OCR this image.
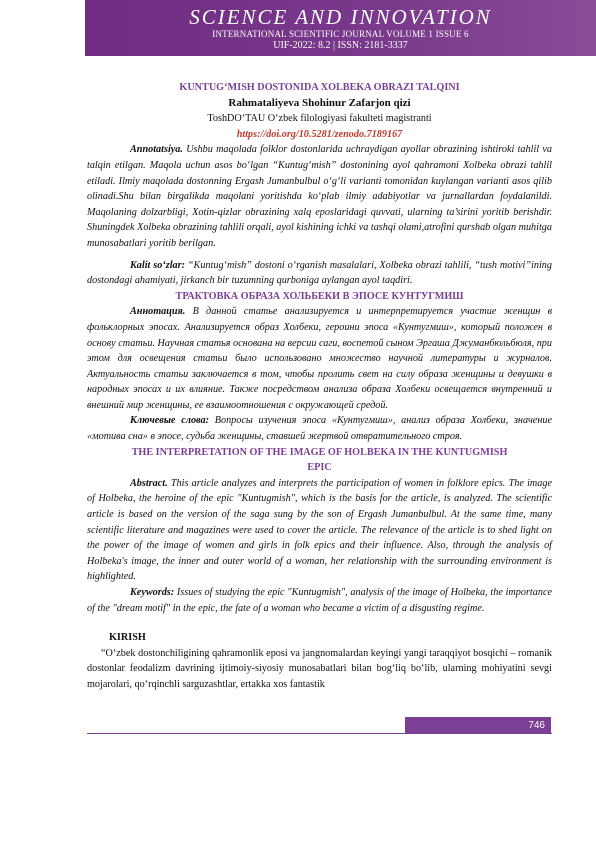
SCIENCE AND INNOVATION
INTERNATIONAL SCIENTIFIC JOURNAL VOLUME 1 ISSUE 6
UIF-2022: 8.2 | ISSN: 2181-3337
KUNTUG‘MISH DOSTONIDA XOLBEKA OBRAZI TALQINI
Rahmataliyeva Shohinur Zafarjon qizi
ToshDO‘TAU O‘zbek filologiyasi fakulteti magistranti
https://doi.org/10.5281/zenodo.7189167

Annotatsiya. Ushbu maqolada folklor dostonlarida uchraydigan ayollar obrazining ishtiroki tahlil va talqin etilgan. Maqola uchun asos bo‘lgan “Kuntug‘mish” dostonining ayol qahramoni Xolbeka obrazi tahlil etiladi. Ilmiy maqolada dostonning Ergash Jumanbulbul o‘g‘li varianti tomonidan kuylangan varianti asos qilib olinadi.Shu bilan birgalikda maqolani yoritishda ko‘plab ilmiy adabiyotlar va jurnallardan foydalanildi. Maqolaning dolzarbligi, Xotin-qizlar obrazining xalq eposlaridagi quvvati, ularning ta’sirini yoritib berishdir. Shuningdek Xolbeka obrazining tahlili orqali, ayol kishining ichki va tashqi olami,atrofini qurshab olgan muhitga munosabatlari yoritib berilgan.

Kalit so‘zlar: “Kuntug‘mish” dostoni o‘rganish masalalari, Xolbeka obrazi tahlili, “tush motivi”ining dostondagi ahamiyati, jirkanch bir tuzumning qurboniga aylangan ayol taqdiri.

ТРАКТОВКА ОБРАЗА ХОЛЬБЕКИ В ЭПОСЕ КУНТУГМИШ

Аннотация. В данной статье анализируется и интерпретируется участие женщин в фольклорных эпосах. Анализируется образ Холбеки, героини эпоса «Кунтугмиш», который положен в основу статьи. Научная статья основана на версии саги, воспетой сыном Эргаша Джуманбюльбюля, при этом для освещения статьи было использовано множество научной литературы и журналов. Актуальность статьи заключается в том, чтобы пролить свет на силу образа женщины и девушки в народных эпосах и их влияние. Также посредством анализа образа Холбеки освещается внутренний и внешний мир женщины, ее взаимоотношения с окружающей средой.

Ключевые слова: Вопросы изучения эпоса «Кунтугмиш», анализ образа Холбеки, значение «мотива сна» в эпосе, судьба женщины, ставшей жертвой отвратительного строя.

THE INTERPRETATION OF THE IMAGE OF HOLBEKA IN THE KUNTUGMISH EPIC

Abstract. This article analyzes and interprets the participation of women in folklore epics. The image of Holbeka, the heroine of the epic "Kuntugmish", which is the basis for the article, is analyzed. The scientific article is based on the version of the saga sung by the son of Ergash Jumanbulbul. At the same time, many scientific literature and magazines were used to cover the article. The relevance of the article is to shed light on the power of the image of women and girls in folk epics and their influence. Also, through the analysis of Holbeka's image, the inner and outer world of a woman, her relationship with the surrounding environment is highlighted.

Keywords: Issues of studying the epic "Kuntugmish", analysis of the image of Holbeka, the importance of the "dream motif" in the epic, the fate of a woman who became a victim of a disgusting regime.

KIRISH

“O‘zbek dostonchiligining qahramonlik eposi va jangnomalardan keyingi yangi taraqqiyot bosqichi – romanik dostonlar feodalizm davrining ijtimoiy-siyosiy munosabatlari bilan bog‘liq bo‘lib, ularning mohiyatini sevgi mojarolari, qo‘rqinchli sarguzashtlar, ertakka xos fantastik

746
